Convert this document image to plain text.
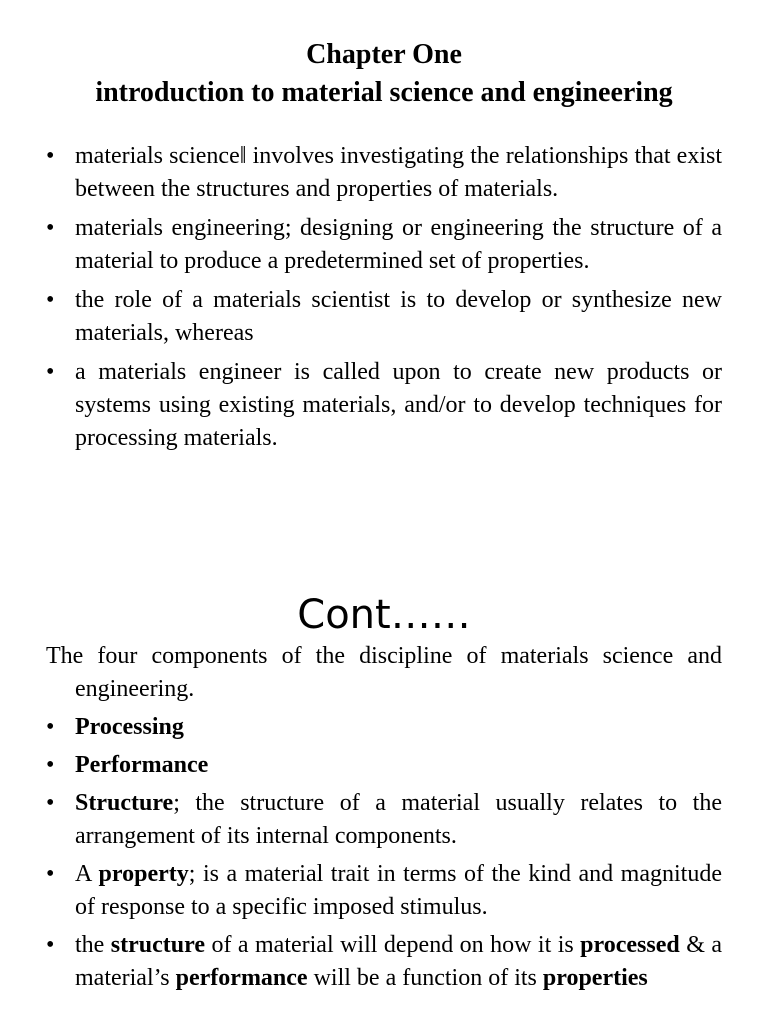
Chapter One
introduction to material science and engineering
• materials science‖ involves investigating the relationships that exist between the structures and properties of materials.
• materials engineering; designing or engineering the structure of a material to produce a predetermined set of properties.
• the role of a materials scientist is to develop or synthesize new materials, whereas
• a materials engineer is called upon to create new products or systems using existing materials, and/or to develop techniques for processing materials.
Cont……

The four components of the discipline of materials science and engineering.

• Processing
• Performance
• Structure; the structure of a material usually relates to the arrangement of its internal components.
• A property; is a material trait in terms of the kind and magnitude of response to a specific imposed stimulus.
• the structure of a material will depend on how it is processed & a material’s performance will be a function of its properties
